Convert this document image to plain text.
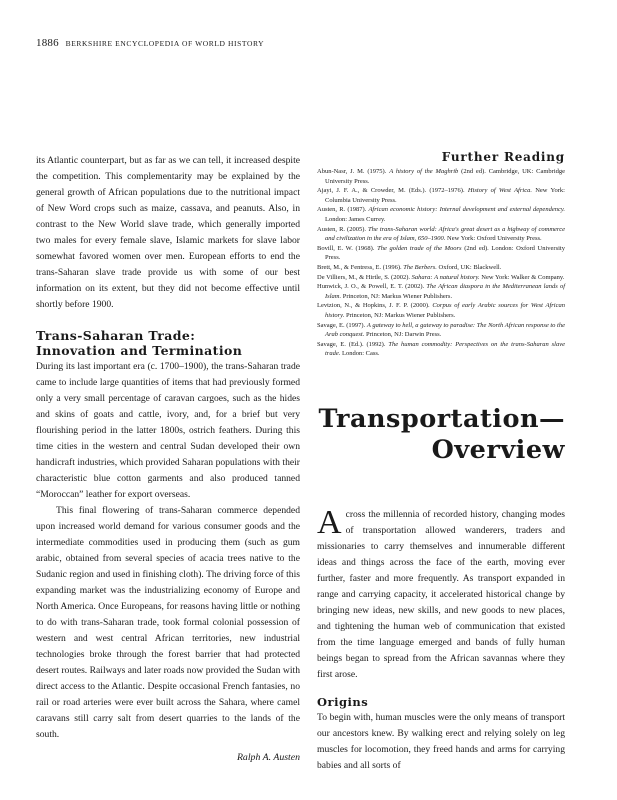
1886 BERKSHIRE ENCYCLOPEDIA OF WORLD HISTORY

its Atlantic counterpart, but as far as we can tell, it increased despite the competition. This complementarity may be explained by the general growth of African populations due to the nutritional impact of New Word crops such as maize, cassava, and peanuts. Also, in contrast to the New World slave trade, which generally imported two males for every female slave, Islamic markets for slave labor somewhat favored women over men. European efforts to end the trans-Saharan slave trade provide us with some of our best information on its extent, but they did not become effective until shortly before 1900.

Trans-Saharan Trade:
Innovation and Termination

During its last important era (c. 1700–1900), the trans-Saharan trade came to include large quantities of items that had previously formed only a very small percentage of caravan cargoes, such as the hides and skins of goats and cattle, ivory, and, for a brief but very flourishing period in the latter 1800s, ostrich feathers. During this time cities in the western and central Sudan developed their own handicraft industries, which provided Saharan populations with their characteristic blue cotton garments and also produced tanned “Moroccan” leather for export overseas.

This final flowering of trans-Saharan commerce depended upon increased world demand for various consumer goods and the intermediate commodities used in producing them (such as gum arabic, obtained from several species of acacia trees native to the Sudanic region and used in finishing cloth). The driving force of this expanding market was the industrializing economy of Europe and North America. Once Europeans, for reasons having little or nothing to do with trans-Saharan trade, took formal colonial possession of western and west central African territories, new industrial technologies broke through the forest barrier that had protected desert routes. Railways and later roads now provided the Sudan with direct access to the Atlantic. Despite occasional French fantasies, no rail or road arteries were ever built across the Sahara, where camel caravans still carry salt from desert quarries to the lands of the south.

Ralph A. Austen
Further Reading

Abun-Nasr, J. M. (1975). A history of the Maghrib (2nd ed). Cambridge, UK: Cambridge University Press.

Ajayi, J. F. A., & Crowder, M. (Eds.). (1972–1976). History of West Africa. New York: Columbia University Press.

Austen, R. (1987). African economic history: Internal development and external dependency. London: James Currey.

Austen, R. (2005). The trans-Saharan world: Africa's great desert as a highway of commerce and civilization in the era of Islam, 650–1900. New York: Oxford University Press.

Bovill, E. W. (1968). The golden trade of the Moors (2nd ed). London: Oxford University Press.

Brett, M., & Fentress, E. (1996). The Berbers. Oxford, UK: Blackwell.

De Villiers, M., & Hirtle, S. (2002). Sahara: A natural history. New York: Walker & Company.

Hunwick, J. O., & Powell, E. T. (2002). The African diaspora in the Mediterranean lands of Islam. Princeton, NJ: Markus Wiener Publishers.

Levtzion, N., & Hopkins, J. F. P. (2000). Corpus of early Arabic sources for West African history. Princeton, NJ: Markus Wiener Publishers.

Savage, E. (1997). A gateway to hell, a gateway to paradise: The North African response to the Arab conquest. Princeton, NJ: Darwin Press.

Savage, E. (Ed.). (1992). The human commodity: Perspectives on the trans-Saharan slave trade. London: Cass.

Transportation—
Overview

Across the millennia of recorded history, changing modes of transportation allowed wanderers, traders and missionaries to carry themselves and innumerable different ideas and things across the face of the earth, moving ever further, faster and more frequently. As transport expanded in range and carrying capacity, it accelerated historical change by bringing new ideas, new skills, and new goods to new places, and tightening the human web of communication that existed from the time language emerged and bands of fully human beings began to spread from the African savannas where they first arose.

Origins

To begin with, human muscles were the only means of transport our ancestors knew. By walking erect and relying solely on leg muscles for locomotion, they freed hands and arms for carrying babies and all sorts of
